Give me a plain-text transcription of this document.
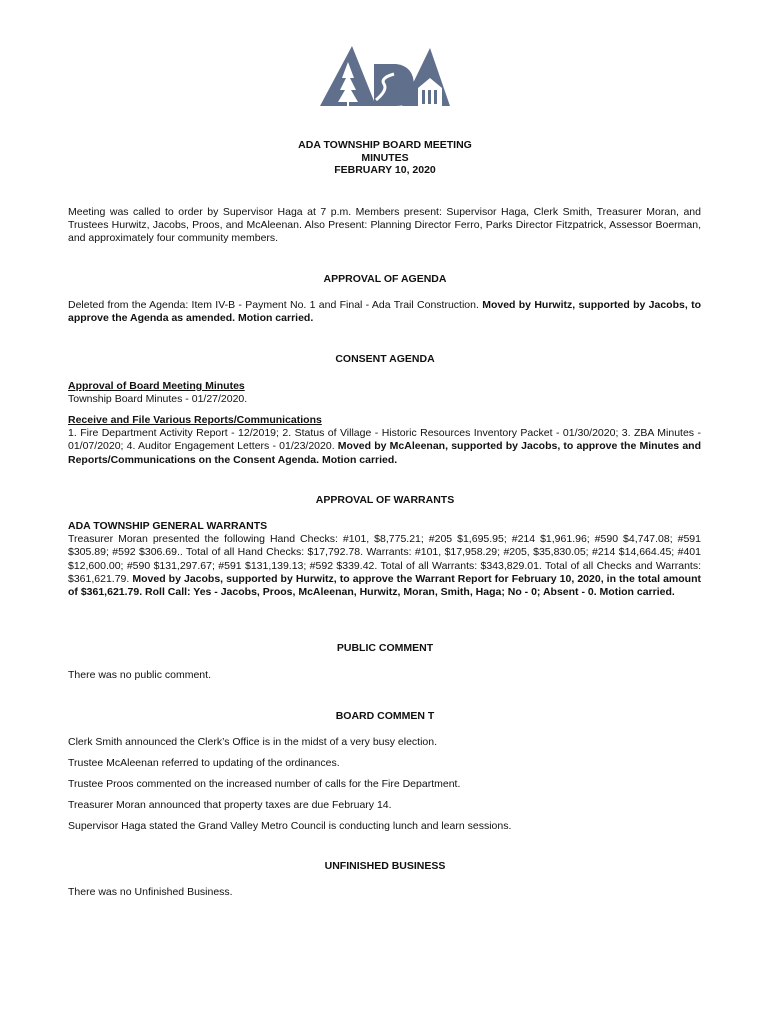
ADA TOWNSHIP BOARD MEETING
MINUTES
FEBRUARY 10, 2020
Meeting was called to order by Supervisor Haga at 7 p.m. Members present: Supervisor Haga, Clerk Smith, Treasurer Moran, and Trustees Hurwitz, Jacobs, Proos, and McAleenan. Also Present: Planning Director Ferro, Parks Director Fitzpatrick, Assessor Boerman, and approximately four community members.
APPROVAL OF AGENDA
Deleted from the Agenda: Item IV-B - Payment No. 1 and Final - Ada Trail Construction. Moved by Hurwitz, supported by Jacobs, to approve the Agenda as amended. Motion carried.
CONSENT AGENDA
Approval of Board Meeting Minutes
Township Board Minutes - 01/27/2020.
Receive and File Various Reports/Communications
1. Fire Department Activity Report - 12/2019; 2. Status of Village - Historic Resources Inventory Packet - 01/30/2020; 3. ZBA Minutes - 01/07/2020; 4. Auditor Engagement Letters - 01/23/2020. Moved by McAleenan, supported by Jacobs, to approve the Minutes and Reports/Communications on the Consent Agenda. Motion carried.
APPROVAL OF WARRANTS
ADA TOWNSHIP GENERAL WARRANTS
Treasurer Moran presented the following Hand Checks: #101, $8,775.21; #205 $1,695.95; #214 $1,961.96; #590 $4,747.08; #591 $305.89; #592 $306.69.. Total of all Hand Checks: $17,792.78. Warrants: #101, $17,958.29; #205, $35,830.05; #214 $14,664.45; #401 $12,600.00; #590 $131,297.67; #591 $131,139.13; #592 $339.42. Total of all Warrants: $343,829.01. Total of all Checks and Warrants: $361,621.79. Moved by Jacobs, supported by Hurwitz, to approve the Warrant Report for February 10, 2020, in the total amount of $361,621.79. Roll Call: Yes - Jacobs, Proos, McAleenan, Hurwitz, Moran, Smith, Haga; No - 0; Absent - 0. Motion carried.
PUBLIC COMMENT
There was no public comment.
BOARD COMMEN T
Clerk Smith announced the Clerk’s Office is in the midst of a very busy election.
Trustee McAleenan referred to updating of the ordinances.
Trustee Proos commented on the increased number of calls for the Fire Department.
Treasurer Moran announced that property taxes are due February 14.
Supervisor Haga stated the Grand Valley Metro Council is conducting lunch and learn sessions.
UNFINISHED BUSINESS
There was no Unfinished Business.
